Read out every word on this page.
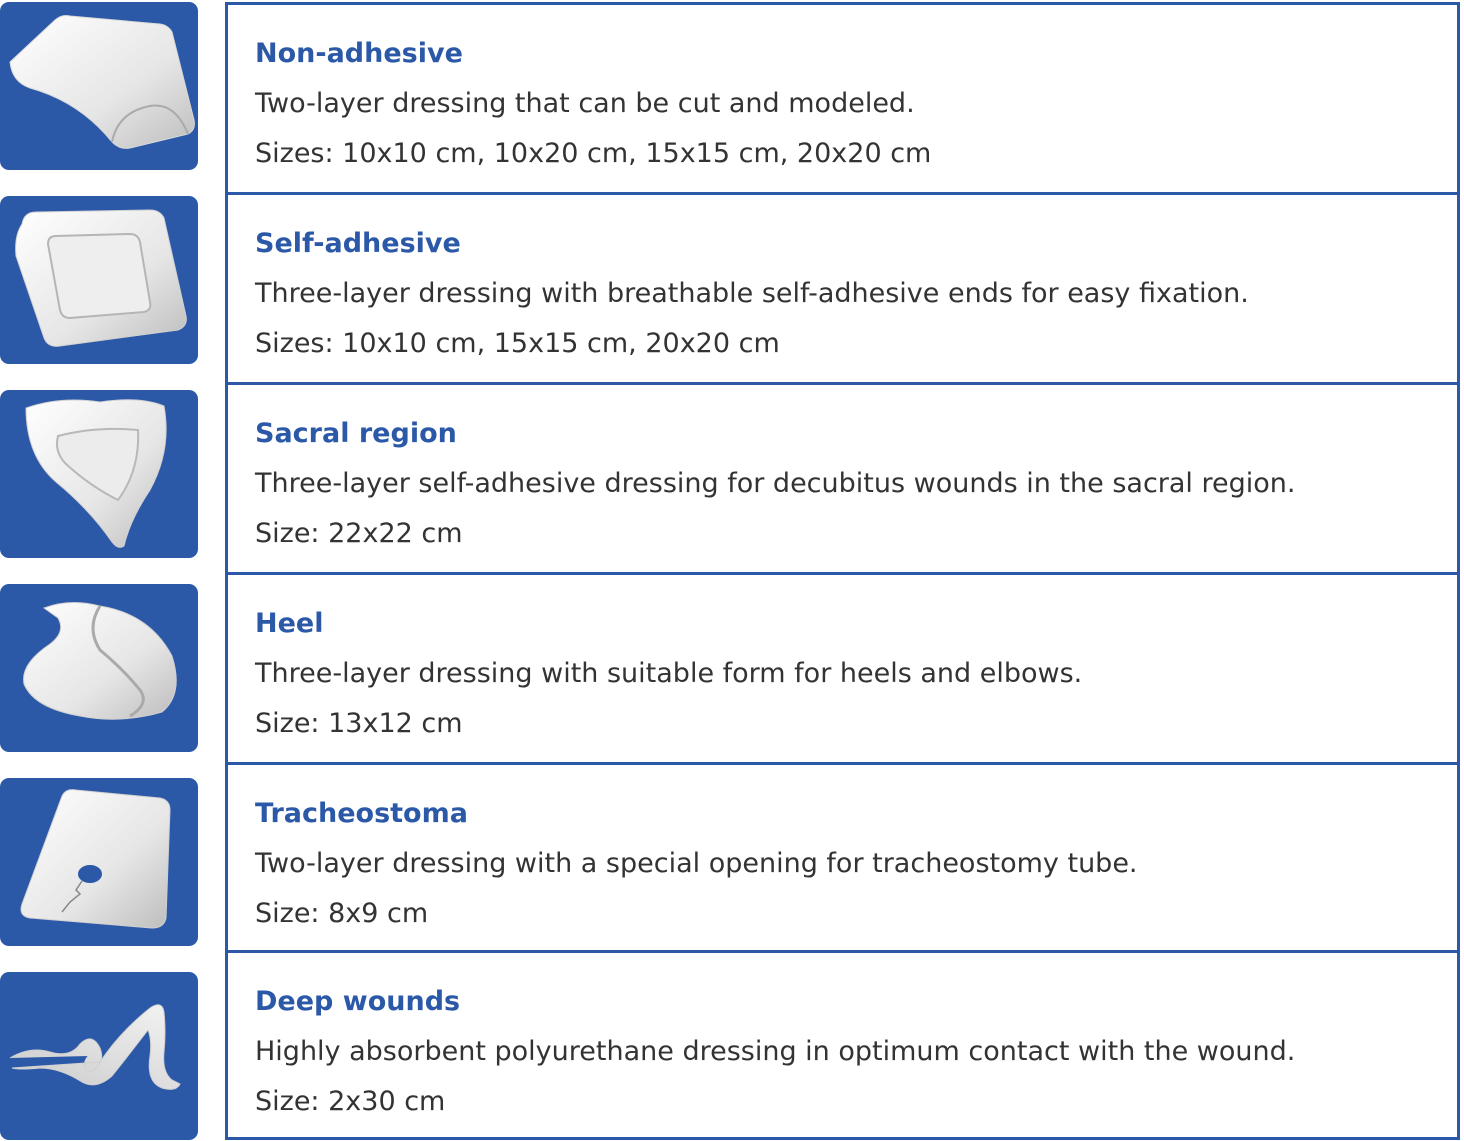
Non-adhesive
Two-layer dressing that can be cut and modeled.
Sizes: 10x10 cm, 10x20 cm, 15x15 cm, 20x20 cm
Self-adhesive
Three-layer dressing with breathable self-adhesive ends for easy fixation.
Sizes: 10x10 cm, 15x15 cm, 20x20 cm
Sacral region
Three-layer self-adhesive dressing for decubitus wounds in the sacral region.
Size: 22x22 cm
Heel
Three-layer dressing with suitable form for heels and elbows.
Size: 13x12 cm
Tracheostoma
Two-layer dressing with a special opening for tracheostomy tube.
Size: 8x9 cm
Deep wounds
Highly absorbent polyurethane dressing in optimum contact with the wound.
Size: 2x30 cm
